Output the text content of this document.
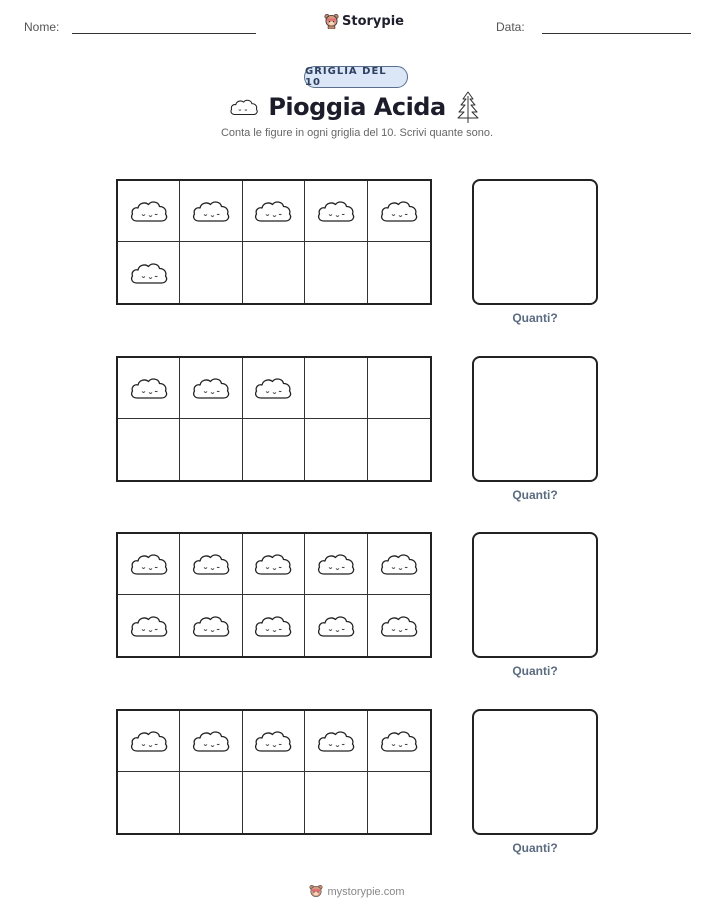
Nome:	Storypie	Data:
GRIGLIA DEL 10
Pioggia Acida
Conta le figure in ogni griglia del 10. Scrivi quante sono.
Quanti?
Quanti?
Quanti?
Quanti?
mystorypie.com
